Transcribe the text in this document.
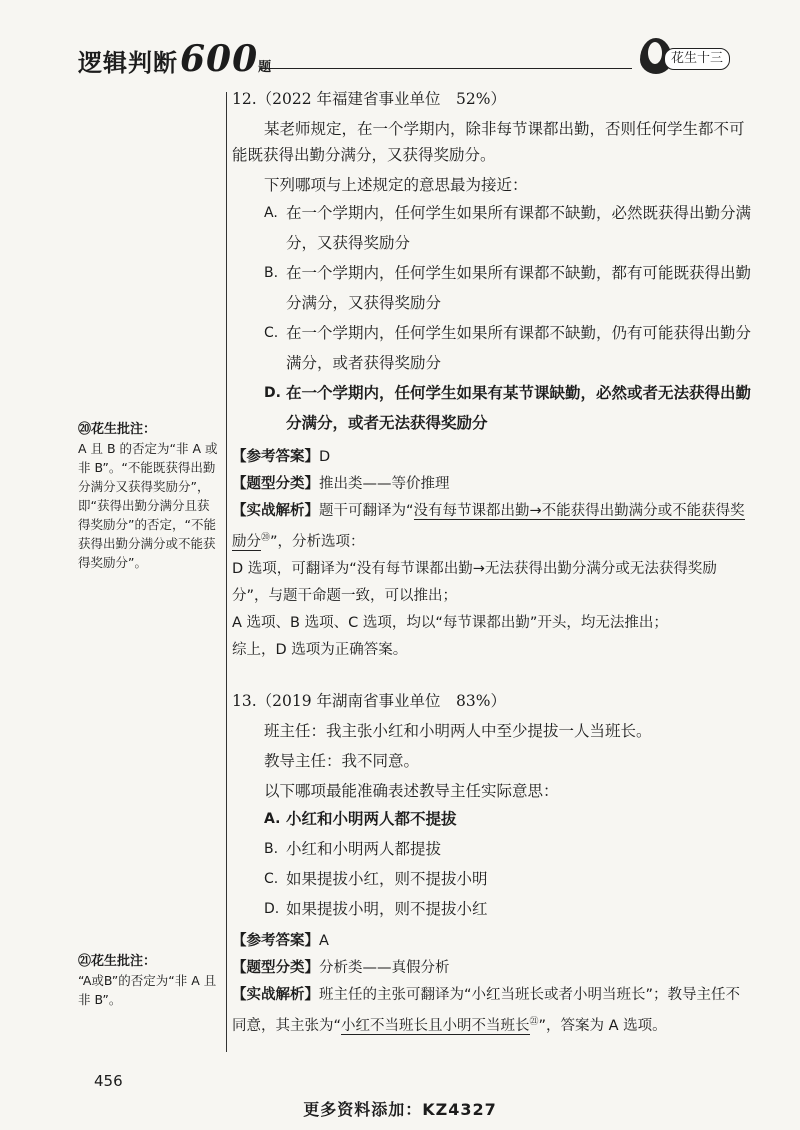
逻辑判断600题
花生十三

12.（2022 年福建省事业单位　52%）

某老师规定，在一个学期内，除非每节课都出勤，否则任何学生都不可能既获得出勤分满分，又获得奖励分。

下列哪项与上述规定的意思最为接近：

A. 在一个学期内，任何学生如果所有课都不缺勤，必然既获得出勤分满分，又获得奖励分
B. 在一个学期内，任何学生如果所有课都不缺勤，都有可能既获得出勤分满分，又获得奖励分
C. 在一个学期内，任何学生如果所有课都不缺勤，仍有可能获得出勤分满分，或者获得奖励分
D. 在一个学期内，任何学生如果有某节课缺勤，必然或者无法获得出勤分满分，或者无法获得奖励分

【参考答案】D

【题型分类】推出类——等价推理

【实战解析】题干可翻译为“没有每节课都出勤→不能获得出勤满分或不能获得奖励分⑳”，分析选项：

D 选项，可翻译为“没有每节课都出勤→无法获得出勤分满分或无法获得奖励分”，与题干命题一致，可以推出；

A 选项、B 选项、C 选项，均以“每节课都出勤”开头，均无法推出；

综上，D 选项为正确答案。

13.（2019 年湖南省事业单位　83%）

班主任：我主张小红和小明两人中至少提拔一人当班长。

教导主任：我不同意。

以下哪项最能准确表述教导主任实际意思：

A. 小红和小明两人都不提拔
B. 小红和小明两人都提拔
C. 如果提拔小红，则不提拔小明
D. 如果提拔小明，则不提拔小红

【参考答案】A

【题型分类】分析类——真假分析

【实战解析】班主任的主张可翻译为“小红当班长或者小明当班长”；教导主任不同意，其主张为“小红不当班长且小明不当班长$^㉑$”，答案为 A 选项。

⑳花生批注：
A 且 B 的否定为“非 A 或非 B”。“不能既获得出勤分满分又获得奖励分”，即“获得出勤分满分且获得奖励分”的否定，“不能获得出勤分满分或不能获得奖励分”。
㉑花生批注：
“A或B”的否定为“非 A 且非 B”。
456
更多资料添加：KZ4327
